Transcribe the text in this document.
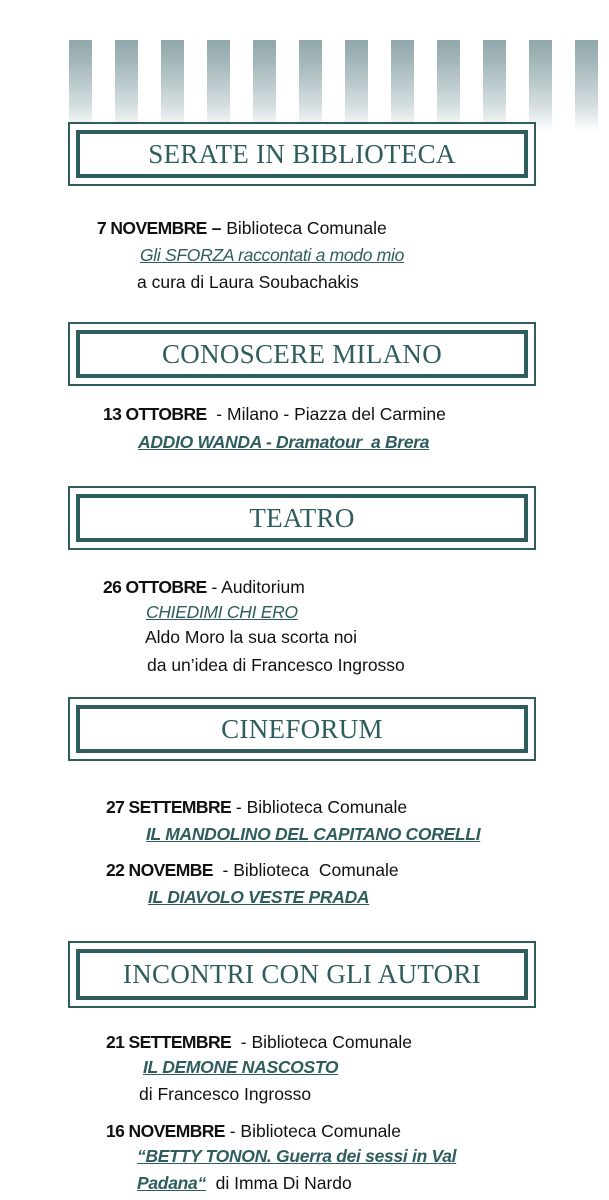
SERATE IN BIBLIOTECA
7 NOVEMBRE – Biblioteca Comunale
Gli SFORZA raccontati a modo mio
a cura di Laura Soubachakis
CONOSCERE MILANO
13 OTTOBRE  - Milano - Piazza del Carmine
ADDIO WANDA - Dramatour  a Brera
TEATRO
26 OTTOBRE - Auditorium
CHIEDIMI CHI ERO
Aldo Moro la sua scorta noi
da un’idea di Francesco Ingrosso
CINEFORUM
27 SETTEMBRE - Biblioteca Comunale
IL MANDOLINO DEL CAPITANO CORELLI
22 NOVEMBE  - Biblioteca  Comunale
IL DIAVOLO VESTE PRADA
INCONTRI CON GLI AUTORI
21 SETTEMBRE  - Biblioteca Comunale
IL DEMONE NASCOSTO
di Francesco Ingrosso
16 NOVEMBRE - Biblioteca Comunale
“BETTY TONON. Guerra dei sessi in Val
Padana“  di Imma Di Nardo
